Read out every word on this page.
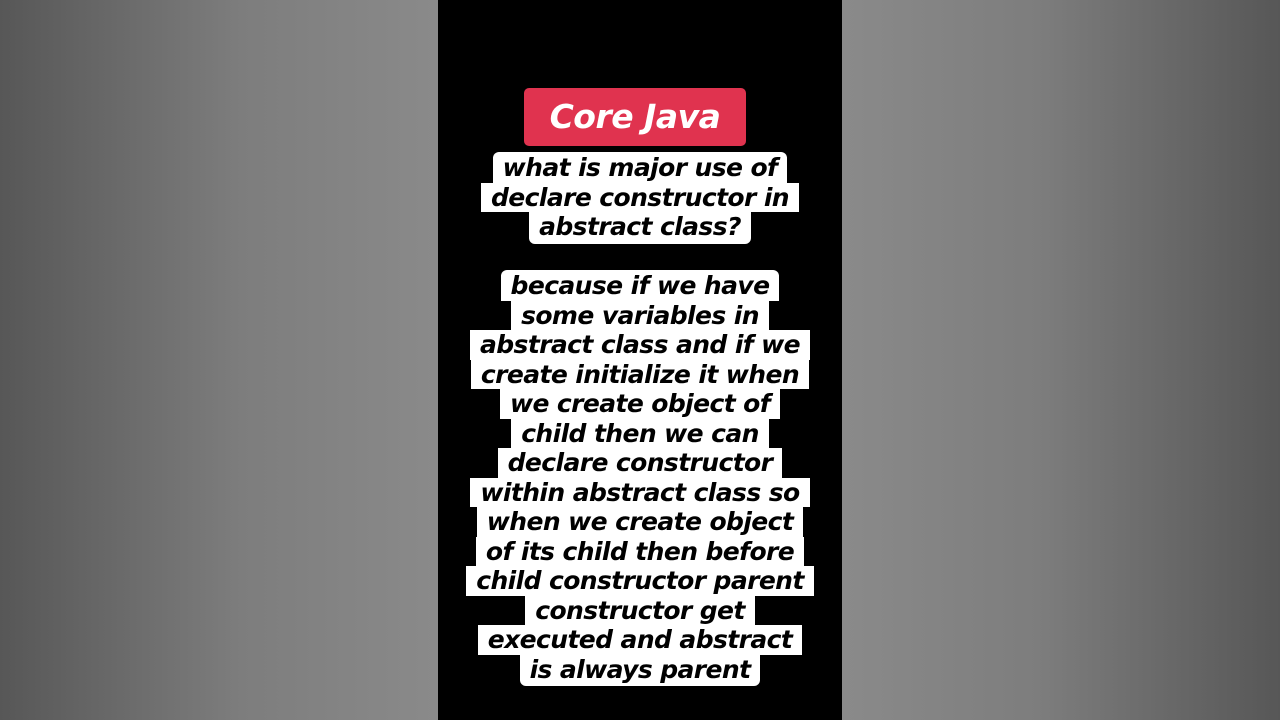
Core Java
what is major use of
declare constructor in
abstract class?
because if we have
some variables in
abstract class and if we
create initialize it when
we create object of
child then we can
declare constructor
within abstract class so
when we create object
of its child then before
child constructor parent
constructor get
executed and abstract
is always parent
